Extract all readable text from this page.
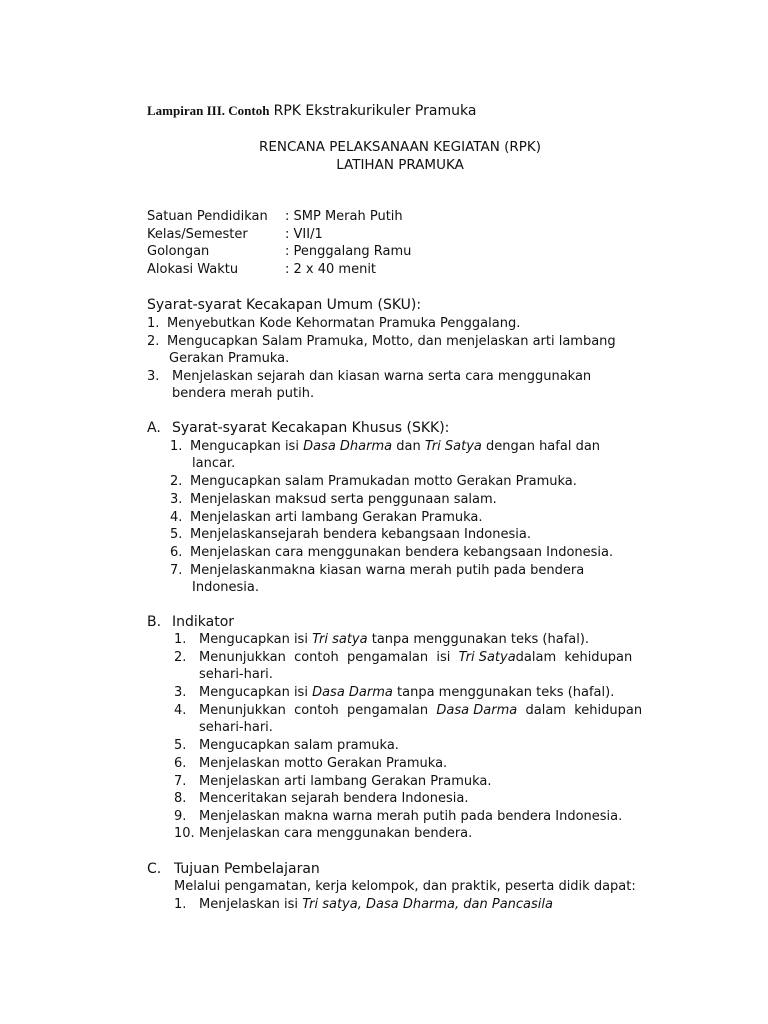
Lampiran III. Contoh RPK Ekstrakurikuler Pramuka
RENCANA PELAKSANAAN KEGIATAN (RPK)
LATIHAN PRAMUKA
Satuan Pendidikan : SMP Merah Putih
Kelas/Semester	: VII/1
Golongan	: Penggalang Ramu
Alokasi Waktu	: 2 x 40 menit
Syarat-syarat Kecakapan Umum (SKU):
1. Menyebutkan Kode Kehormatan Pramuka Penggalang.
2. Mengucapkan Salam Pramuka, Motto, dan menjelaskan arti lambang
Gerakan Pramuka.
3. Menjelaskan sejarah dan kiasan warna serta cara menggunakan
bendera merah putih.
A. Syarat-syarat Kecakapan Khusus (SKK):
1. Mengucapkan isi Dasa Dharma dan Tri Satya dengan hafal dan
lancar.
2. Mengucapkan salam Pramukadan motto Gerakan Pramuka.
3. Menjelaskan maksud serta penggunaan salam.
4. Menjelaskan arti lambang Gerakan Pramuka.
5. Menjelaskansejarah bendera kebangsaan Indonesia.
6. Menjelaskan cara menggunakan bendera kebangsaan Indonesia.
7. Menjelaskanmakna kiasan warna merah putih pada bendera
Indonesia.
B. Indikator
1. Mengucapkan isi Tri satya tanpa menggunakan teks (hafal).
2. Menunjukkan  contoh  pengamalan  isi  Tri Satyadalam  kehidupan
sehari-hari.
3. Mengucapkan isi Dasa Darma tanpa menggunakan teks (hafal).
4. Menunjukkan  contoh  pengamalan  Dasa Darma  dalam  kehidupan
sehari-hari.
5. Mengucapkan salam pramuka.
6. Menjelaskan motto Gerakan Pramuka.
7. Menjelaskan arti lambang Gerakan Pramuka.
8. Menceritakan sejarah bendera Indonesia.
9. Menjelaskan makna warna merah putih pada bendera Indonesia.
10. Menjelaskan cara menggunakan bendera.
C. Tujuan Pembelajaran
Melalui pengamatan, kerja kelompok, dan praktik, peserta didik dapat:
1. Menjelaskan isi Tri satya, Dasa Dharma, dan Pancasila
